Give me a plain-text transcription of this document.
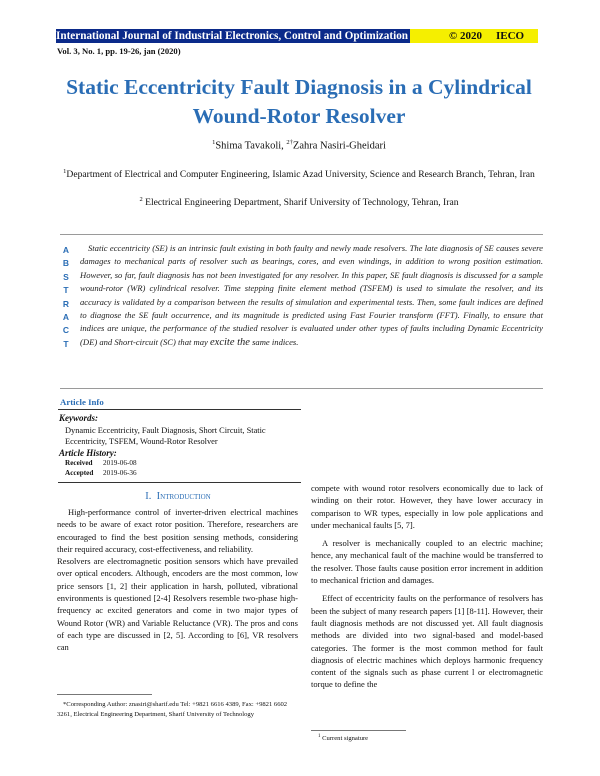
International Journal of Industrial Electronics, Control and Optimization	© 2020 IECO
Vol. 3, No. 1, pp. 19-26, jan (2020)
Static Eccentricity Fault Diagnosis in a Cylindrical Wound-Rotor Resolver
$^1$Shima Tavakoli, $^{2\dagger}$Zahra Nasiri-Gheidari
$^1$Department of Electrical and Computer Engineering, Islamic Azad University, Science and Research Branch, Tehran, Iran
$^2$ Electrical Engineering Department, Sharif University of Technology, Tehran, Iran
A
B
S
T
R
A
C
T
Static eccentricity (SE) is an intrinsic fault existing in both faulty and newly made resolvers. The late diagnosis of SE causes severe damages to mechanical parts of resolver such as bearings, cores, and even windings, in addition to wrong position estimation. However, so far, fault diagnosis has not been investigated for any resolver. In this paper, SE fault diagnosis is discussed for a sample wound-rotor (WR) cylindrical resolver. Time stepping finite element method (TSFEM) is used to simulate the resolver, and its accuracy is validated by a comparison between the results of simulation and experimental tests. Then, some fault indices are defined to diagnose the SE fault occurrence, and its magnitude is predicted using Fast Fourier transform (FFT). Finally, to ensure that indices are unique, the performance of the studied resolver is evaluated under other types of faults including Dynamic Eccentricity (DE) and Short-circuit (SC) that may excite the same indices.
Article Info
Keywords:
Dynamic Eccentricity, Fault Diagnosis, Short Circuit, Static Eccentricity, TSFEM, Wound-Rotor Resolver
Article History:
Received 2019-06-08
Accepted 2019-06-36
I. Introduction

High-performance control of inverter-driven electrical machines needs to be aware of exact rotor position. Therefore, researchers are encouraged to find the best position sensing methods, considering their required accuracy, cost-effectiveness, and reliability.

Resolvers are electromagnetic position sensors which have prevailed over optical encoders. Although, encoders are the most common, low price sensors [1, 2] their application in harsh, polluted, vibrational environments is questioned [2-4] Resolvers resemble two-phase high-frequency ac excited generators and come in two major types of Wound Rotor (WR) and Variable Reluctance (VR). The pros and cons of each type are discussed in [2, 5]. According to [6], VR resolvers can

compete with wound rotor resolvers economically due to lack of winding on their rotor. However, they have lower accuracy in comparison to WR types, especially in low pole applications and under mechanical faults [5, 7].

A resolver is mechanically coupled to an electric machine; hence, any mechanical fault of the machine would be transferred to the resolver. Those faults cause position error increment in addition to mechanical friction and damages.

Effect of eccentricity faults on the performance of resolvers has been the subject of many research papers [1] [8-11]. However, their fault diagnosis methods are not discussed yet. All fault diagnosis methods are divided into two signal-based and model-based categories. The former is the most common method for fault diagnosis of electric machines which deploys harmonic frequency content of the signals such as phase current l or electromagnetic torque to define the

*Corresponding Author: znasiri@sharif.edu Tel: +9821 6616 4389, Fax: +9821 6602 3261, Electrical Engineering Department, Sharif University of Technology
$^1$ Current signature
